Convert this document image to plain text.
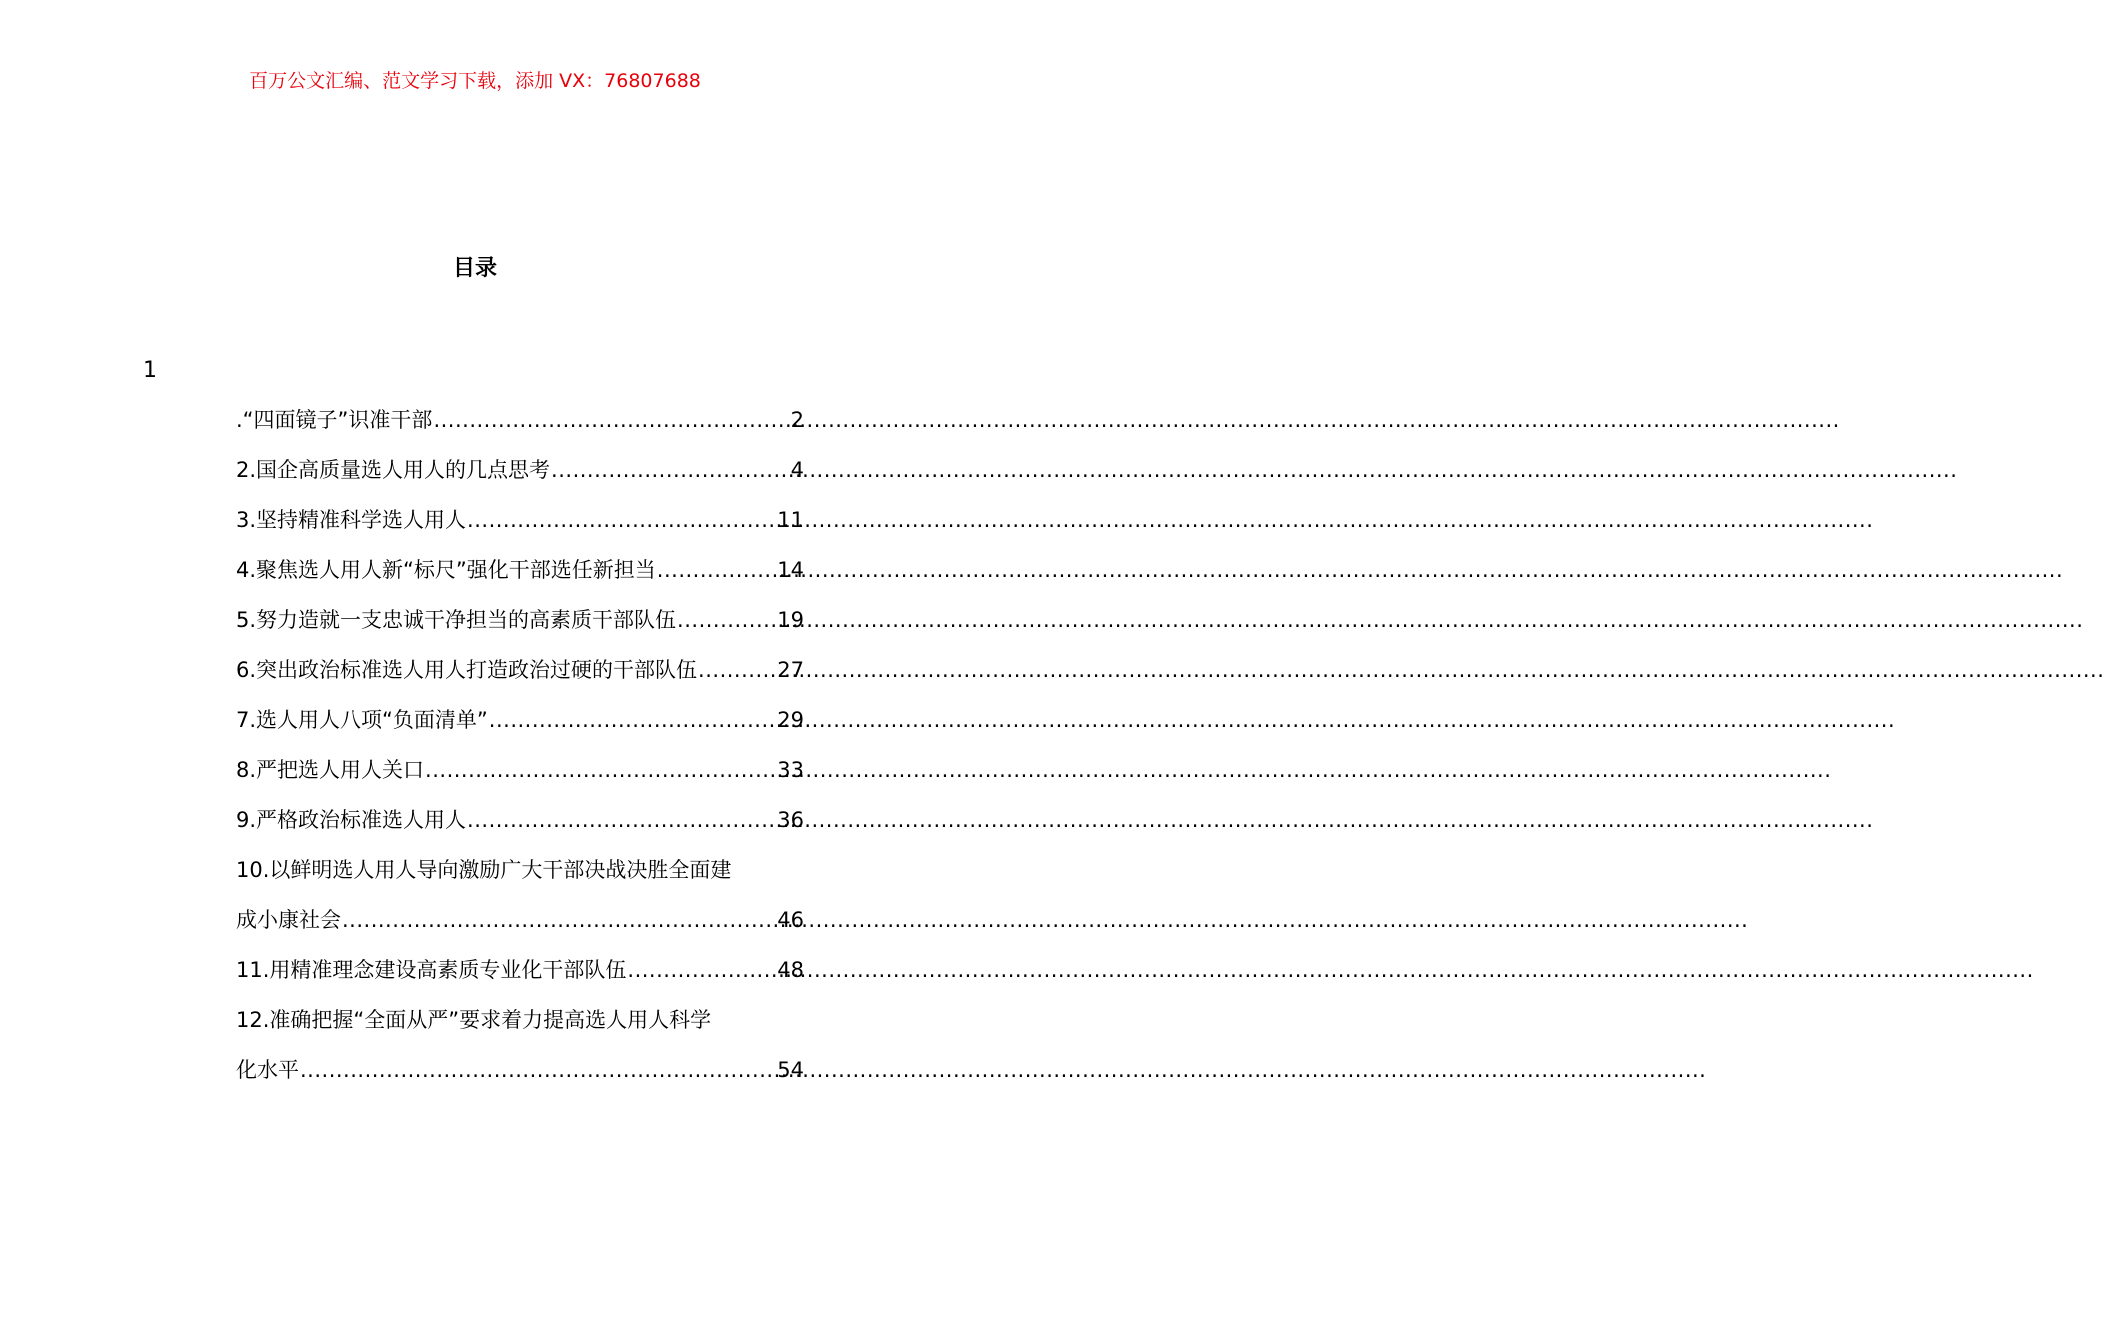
百万公文汇编、范文学习下载，添加 VX：76807688
目录
1
.“四面镜子”识准干部 .....	2
2.国企高质量选人用人的几点思考 .....	4
3.坚持精准科学选人用人 .....	11
4.聚焦选人用人新“标尺”强化干部选任新担当 .....	14
5.努力造就一支忠诚干净担当的高素质干部队伍 .....	19
6.突出政治标准选人用人打造政治过硬的干部队伍 .....	27
7.选人用人八项“负面清单” .....	29
8.严把选人用人关口 .....	33
9.严格政治标准选人用人 .....	36
10.以鲜明选人用人导向激励广大干部决战决胜全面建
成小康社会 .....	46
11.用精准理念建设高素质专业化干部队伍 .....	48
12.准确把握“全面从严”要求着力提高选人用人科学
化水平 .....	54
